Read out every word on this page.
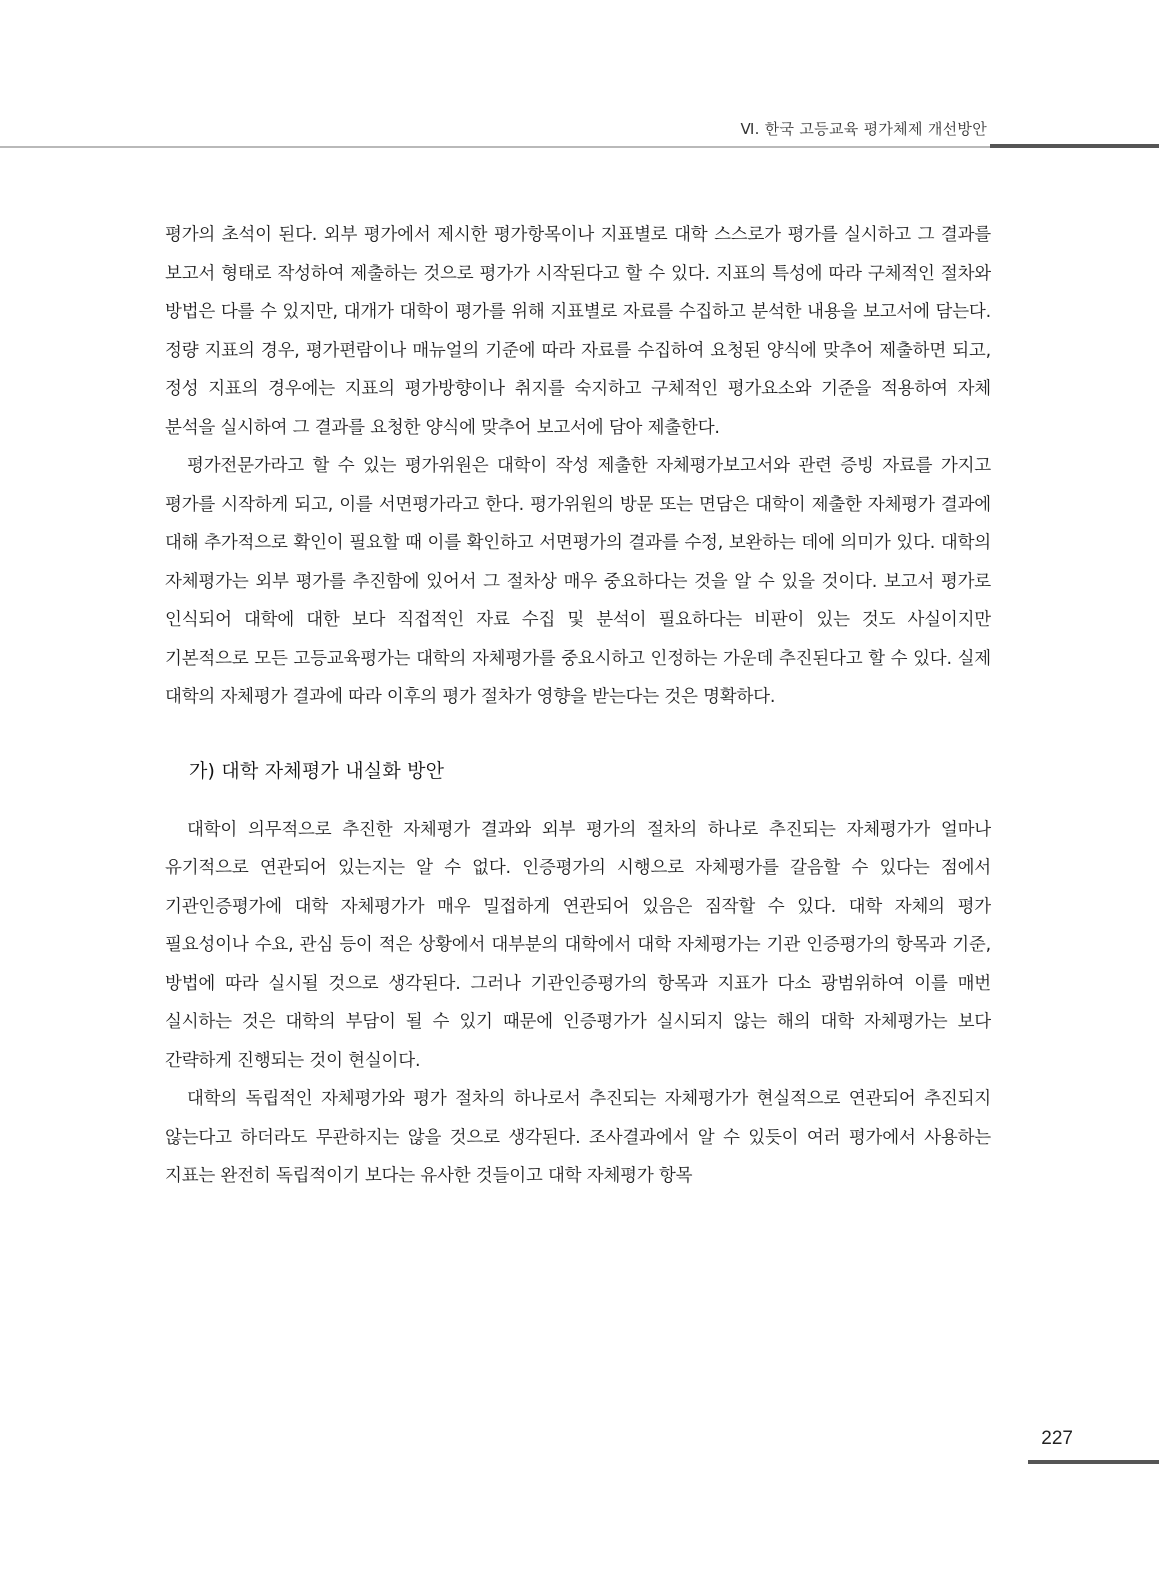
Ⅵ. 한국 고등교육 평가체제 개선방안

평가의 초석이 된다. 외부 평가에서 제시한 평가항목이나 지표별로 대학 스스로가 평가를 실시하고 그 결과를 보고서 형태로 작성하여 제출하는 것으로 평가가 시작된다고 할 수 있다. 지표의 특성에 따라 구체적인 절차와 방법은 다를 수 있지만, 대개가 대학이 평가를 위해 지표별로 자료를 수집하고 분석한 내용을 보고서에 담는다. 정량 지표의 경우, 평가편람이나 매뉴얼의 기준에 따라 자료를 수집하여 요청된 양식에 맞추어 제출하면 되고, 정성 지표의 경우에는 지표의 평가방향이나 취지를 숙지하고 구체적인 평가요소와 기준을 적용하여 자체 분석을 실시하여 그 결과를 요청한 양식에 맞추어 보고서에 담아 제출한다.

평가전문가라고 할 수 있는 평가위원은 대학이 작성 제출한 자체평가보고서와 관련 증빙 자료를 가지고 평가를 시작하게 되고, 이를 서면평가라고 한다. 평가위원의 방문 또는 면담은 대학이 제출한 자체평가 결과에 대해 추가적으로 확인이 필요할 때 이를 확인하고 서면평가의 결과를 수정, 보완하는 데에 의미가 있다. 대학의 자체평가는 외부 평가를 추진함에 있어서 그 절차상 매우 중요하다는 것을 알 수 있을 것이다. 보고서 평가로 인식되어 대학에 대한 보다 직접적인 자료 수집 및 분석이 필요하다는 비판이 있는 것도 사실이지만 기본적으로 모든 고등교육평가는 대학의 자체평가를 중요시하고 인정하는 가운데 추진된다고 할 수 있다. 실제 대학의 자체평가 결과에 따라 이후의 평가 절차가 영향을 받는다는 것은 명확하다.

가) 대학 자체평가 내실화 방안

대학이 의무적으로 추진한 자체평가 결과와 외부 평가의 절차의 하나로 추진되는 자체평가가 얼마나 유기적으로 연관되어 있는지는 알 수 없다. 인증평가의 시행으로 자체평가를 갈음할 수 있다는 점에서 기관인증평가에 대학 자체평가가 매우 밀접하게 연관되어 있음은 짐작할 수 있다. 대학 자체의 평가 필요성이나 수요, 관심 등이 적은 상황에서 대부분의 대학에서 대학 자체평가는 기관 인증평가의 항목과 기준, 방법에 따라 실시될 것으로 생각된다. 그러나 기관인증평가의 항목과 지표가 다소 광범위하여 이를 매번 실시하는 것은 대학의 부담이 될 수 있기 때문에 인증평가가 실시되지 않는 해의 대학 자체평가는 보다 간략하게 진행되는 것이 현실이다.

대학의 독립적인 자체평가와 평가 절차의 하나로서 추진되는 자체평가가 현실적으로 연관되어 추진되지 않는다고 하더라도 무관하지는 않을 것으로 생각된다. 조사결과에서 알 수 있듯이 여러 평가에서 사용하는 지표는 완전히 독립적이기 보다는 유사한 것들이고 대학 자체평가 항목

227
